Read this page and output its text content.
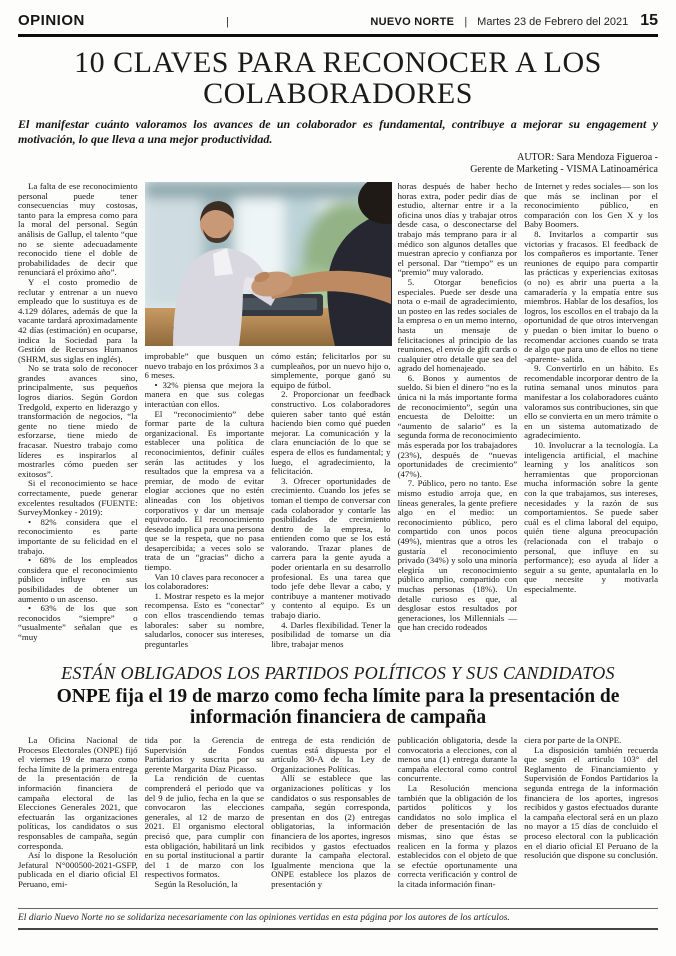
OPINION	|	NUEVO NORTE | Martes 23 de Febrero del 2021 15
10 CLAVES PARA RECONOCER A LOS COLABORADORES

El manifestar cuánto valoramos los avances de un colaborador es fundamental, contribuye a mejorar su engagement y motivación, lo que lleva a una mejor productividad.

AUTOR: Sara Mendoza Figueroa -
Gerente de Marketing - VISMA Latinoamérica

La falta de ese reconocimiento personal puede tener consecuencias muy costosas, tanto para la empresa como para la moral del personal. Según análisis de Gallup, el talento “que no se siente adecuadamente reconocido tiene el doble de probabilidades de decir que renunciará el próximo año”.

Y el costo promedio de reclutar y entrenar a un nuevo empleado que lo sustituya es de 4.129 dólares, además de que la vacante tardará aproximadamente 42 días (estimación) en ocuparse, indica la Sociedad para la Gestión de Recursos Humanos (SHRM, sus siglas en inglés).

No se trata solo de reconocer grandes avances sino, principalmente, sus pequeños logros diarios. Según Gordon Tredgold, experto en liderazgo y transformación de negocios, “la gente no tiene miedo de esforzarse, tiene miedo de fracasar. Nuestro trabajo como líderes es inspirarlos al mostrarles cómo pueden ser exitosos”.

Si el reconocimiento se hace correctamente, puede generar excelentes resultados (FUENTE: SurveyMonkey - 2019):

• 82% considera que el reconocimiento es parte importante de su felicidad en el trabajo.

• 68% de los empleados considera que el reconocimiento público influye en sus posibilidades de obtener un aumento o un ascenso.

• 63% de los que son reconocidos “siempre” o “usualmente” señalan que es “muy

improbable” que busquen un nuevo trabajo en los próximos 3 a 6 meses.

• 32% piensa que mejora la manera en que sus colegas interactúan con ellos.

El “reconocimiento” debe formar parte de la cultura organizacional. Es importante establecer una política de reconocimientos, definir cuáles serán las actitudes y los resultados que la empresa va a premiar, de modo de evitar elogiar acciones que no estén alineadas con los objetivos corporativos y dar un mensaje equivocado. El reconocimiento deseado implica para una persona que se la respeta, que no pasa desapercibida; a veces solo se trata de un “gracias” dicho a tiempo.

Van 10 claves para reconocer a los colaboradores:

1. Mostrar respeto es la mejor recompensa. Esto es “conectar” con ellos trascendiendo temas laborales: saber su nombre, saludarlos, conocer sus intereses, preguntarles

cómo están; felicitarlos por su cumpleaños, por un nuevo hijo o, simplemente, porque ganó su equipo de fútbol.

2. Proporcionar un feedback constructivo. Los colaboradores quieren saber tanto qué están haciendo bien como qué pueden mejorar. La comunicación y la clara enunciación de lo que se espera de ellos es fundamental; y luego, el agradecimiento, la felicitación.

3. Ofrecer oportunidades de crecimiento. Cuando los jefes se toman el tiempo de conversar con cada colaborador y contarle las posibilidades de crecimiento dentro de la empresa, lo entienden como que se los está valorando. Trazar planes de carrera para la gente ayuda a poder orientarla en su desarrollo profesional. Es una tarea que todo jefe debe llevar a cabo, y contribuye a mantener motivado y contento al equipo. Es un trabajo diario.

4. Darles flexibilidad. Tener la posibilidad de tomarse un día libre, trabajar menos

horas después de haber hecho horas extra, poder pedir días de estudio, alternar entre ir a la oficina unos días y trabajar otros desde casa, o desconectarse del trabajo más temprano para ir al médico son algunos detalles que muestran aprecio y confianza por el personal. Dar “tiempo” es un “premio” muy valorado.

5. Otorgar beneficios especiales. Puede ser desde una nota o e-mail de agradecimiento, un posteo en las redes sociales de la empresa o en un memo interno, hasta un mensaje de felicitaciones al principio de las reuniones, el envío de gift cards o cualquier otro detalle que sea del agrado del homenajeado.

6. Bonos y aumentos de sueldo. Si bien el dinero “no es la única ni la más importante forma de reconocimiento”, según una encuesta de Deloitte: un “aumento de salario” es la segunda forma de reconocimiento más esperada por los trabajadores (23%), después de “nuevas oportunidades de crecimiento” (47%).

7. Público, pero no tanto. Ese mismo estudio arroja que, en líneas generales, la gente prefiere algo en el medio: un reconocimiento público, pero compartido con unos pocos (49%), mientras que a otros les gustaría el reconocimiento privado (34%) y solo una minoría elegiría un reconocimiento público amplio, compartido con muchas personas (18%). Un detalle curioso es que, al desglosar estos resultados por generaciones, los Millennials —que han crecido rodeados

de Internet y redes sociales— son los que más se inclinan por el reconocimiento público, en comparación con los Gen X y los Baby Boomers.

8. Invitarlos a compartir sus victorias y fracasos. El feedback de los compañeros es importante. Tener reuniones de equipo para compartir las prácticas y experiencias exitosas (o no) es abrir una puerta a la camaradería y la empatía entre sus miembros. Hablar de los desafíos, los logros, los escollos en el trabajo da la oportunidad de que otros intervengan y puedan o bien imitar lo bueno o recomendar acciones cuando se trata de algo que para uno de ellos no tiene -aparente- salida.

9. Convertirlo en un hábito. Es recomendable incorporar dentro de la rutina semanal unos minutos para manifestar a los colaboradores cuánto valoramos sus contribuciones, sin que ello se convierta en un mero trámite o en un sistema automatizado de agradecimiento.

10. Involucrar a la tecnología. La inteligencia artificial, el machine learning y los analíticos son herramientas que proporcionan mucha información sobre la gente con la que trabajamos, sus intereses, necesidades y la razón de sus comportamientos. Se puede saber cuál es el clima laboral del equipo, quién tiene alguna preocupación (relacionada con el trabajo o personal, que influye en su performance); eso ayuda al líder a seguir a su gente, apuntalarla en lo que necesite y motivarla especialmente.

ESTÁN OBLIGADOS LOS PARTIDOS POLÍTICOS Y SUS CANDIDATOS
ONPE fija el 19 de marzo como fecha límite para la presentación de información financiera de campaña

La Oficina Nacional de Procesos Electorales (ONPE) fijó el viernes 19 de marzo como fecha límite de la primera entrega de la presentación de la información financiera de campaña electoral de las Elecciones Generales 2021, que efectuarán las organizaciones políticas, los candidatos o sus responsables de campaña, según corresponda.

Así lo dispone la Resolución Jefatural N°000500-2021-GSFP, publicada en el diario oficial El Peruano, emi-

tida por la Gerencia de Supervisión de Fondos Partidarios y suscrita por su gerente Margarita Díaz Picasso.

La rendición de cuentas comprenderá el periodo que va del 9 de julio, fecha en la que se convocaron las elecciones generales, al 12 de marzo de 2021. El organismo electoral precisó que, para cumplir con esta obligación, habilitará un link en su portal institucional a partir del 1 de marzo con los respectivos formatos.

Según la Resolución, la

entrega de esta rendición de cuentas está dispuesta por el artículo 30-A de la Ley de Organizaciones Políticas.

Allí se establece que las organizaciones políticas y los candidatos o sus responsables de campaña, según corresponda, presentan en dos (2) entregas obligatorias, la información financiera de los aportes, ingresos recibidos y gastos efectuados durante la campaña electoral. Igualmente menciona que la ONPE establece los plazos de presentación y

publicación obligatoria, desde la convocatoria a elecciones, con al menos una (1) entrega durante la campaña electoral como control concurrente.

La Resolución menciona también que la obligación de los partidos políticos y los candidatos no solo implica el deber de presentación de las mismas, sino que éstas se realicen en la forma y plazos establecidos con el objeto de que se efectúe oportunamente una correcta verificación y control de la citada información finan-

ciera por parte de la ONPE.

La disposición también recuerda que según el artículo 103° del Reglamento de Financiamiento y Supervisión de Fondos Partidarios la segunda entrega de la información financiera de los aportes, ingresos recibidos y gastos efectuados durante la campaña electoral será en un plazo no mayor a 15 días de concluido el proceso electoral con la publicación en el diario oficial El Peruano de la resolución que dispone su conclusión.

El diario Nuevo Norte no se solidariza necesariamente con las opiniones vertidas en esta página por los autores de los artículos.
